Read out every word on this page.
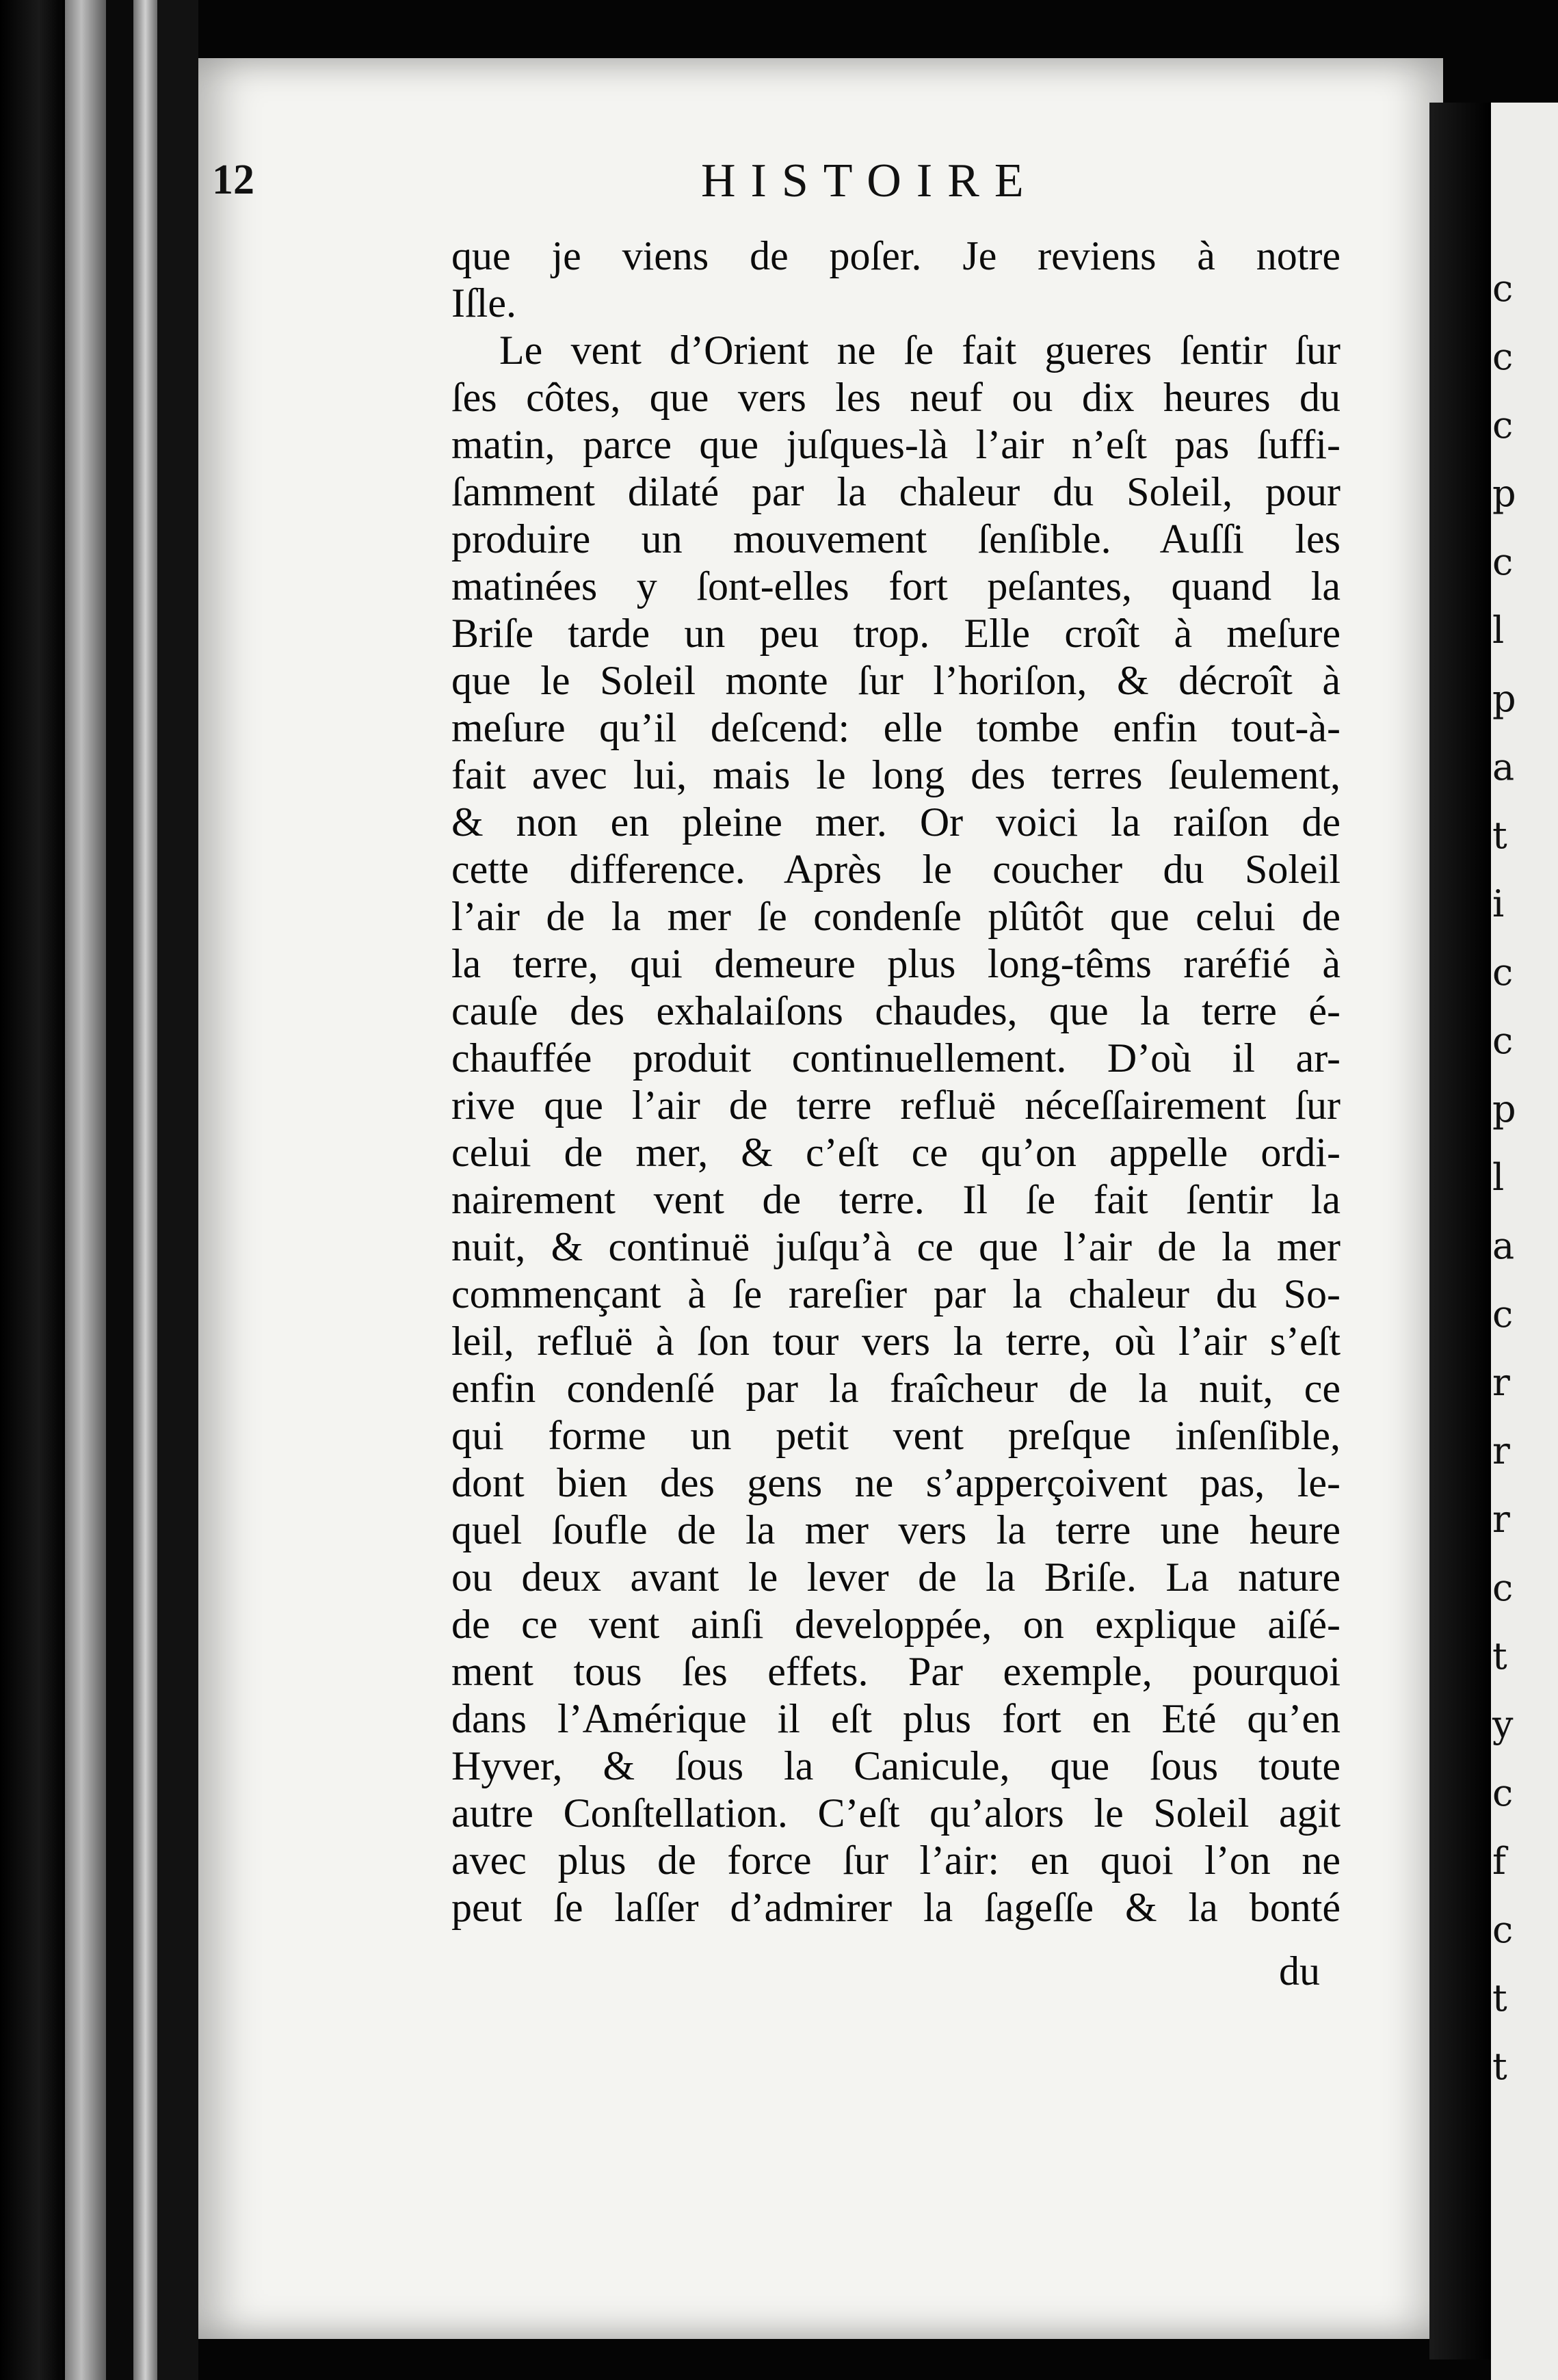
c
c
c
p
c
l
p
a
t
i
c
c
p
l
a
c
r
r
r
c
t
y
c
f
c
t
t
12	HISTOIRE
que je viens de poſer. Je reviens à notre
Iſle.
Le vent d’Orient ne ſe fait gueres ſentir ſur
ſes côtes, que vers les neuf ou dix heures du
matin, parce que juſques-là l’air n’eſt pas ſuffi-
ſamment dilaté par la chaleur du Soleil, pour
produire un mouvement ſenſible. Auſſi les
matinées y ſont-elles fort peſantes, quand la
Briſe tarde un peu trop. Elle croît à meſure
que le Soleil monte ſur l’horiſon, & décroît à
meſure qu’il deſcend: elle tombe enfin tout-à-
fait avec lui, mais le long des terres ſeulement,
& non en pleine mer. Or voici la raiſon de
cette difference. Après le coucher du Soleil
l’air de la mer ſe condenſe plûtôt que celui de
la terre, qui demeure plus long-têms raréfié à
cauſe des exhalaiſons chaudes, que la terre é-
chauffée produit continuellement. D’où il ar-
rive que l’air de terre refluë néceſſairement ſur
celui de mer, & c’eſt ce qu’on appelle ordi-
nairement vent de terre. Il ſe fait ſentir la
nuit, & continuë juſqu’à ce que l’air de la mer
commençant à ſe rareſier par la chaleur du So-
leil, refluë à ſon tour vers la terre, où l’air s’eſt
enfin condenſé par la fraîcheur de la nuit, ce
qui forme un petit vent preſque inſenſible,
dont bien des gens ne s’apperçoivent pas, le-
quel ſoufle de la mer vers la terre une heure
ou deux avant le lever de la Briſe. La nature
de ce vent ainſi developpée, on explique aiſé-
ment tous ſes effets. Par exemple, pourquoi
dans l’Amérique il eſt plus fort en Eté qu’en
Hyver, & ſous la Canicule, que ſous toute
autre Conſtellation. C’eſt qu’alors le Soleil agit
avec plus de force ſur l’air: en quoi l’on ne
peut ſe laſſer d’admirer la ſageſſe & la bonté
du
